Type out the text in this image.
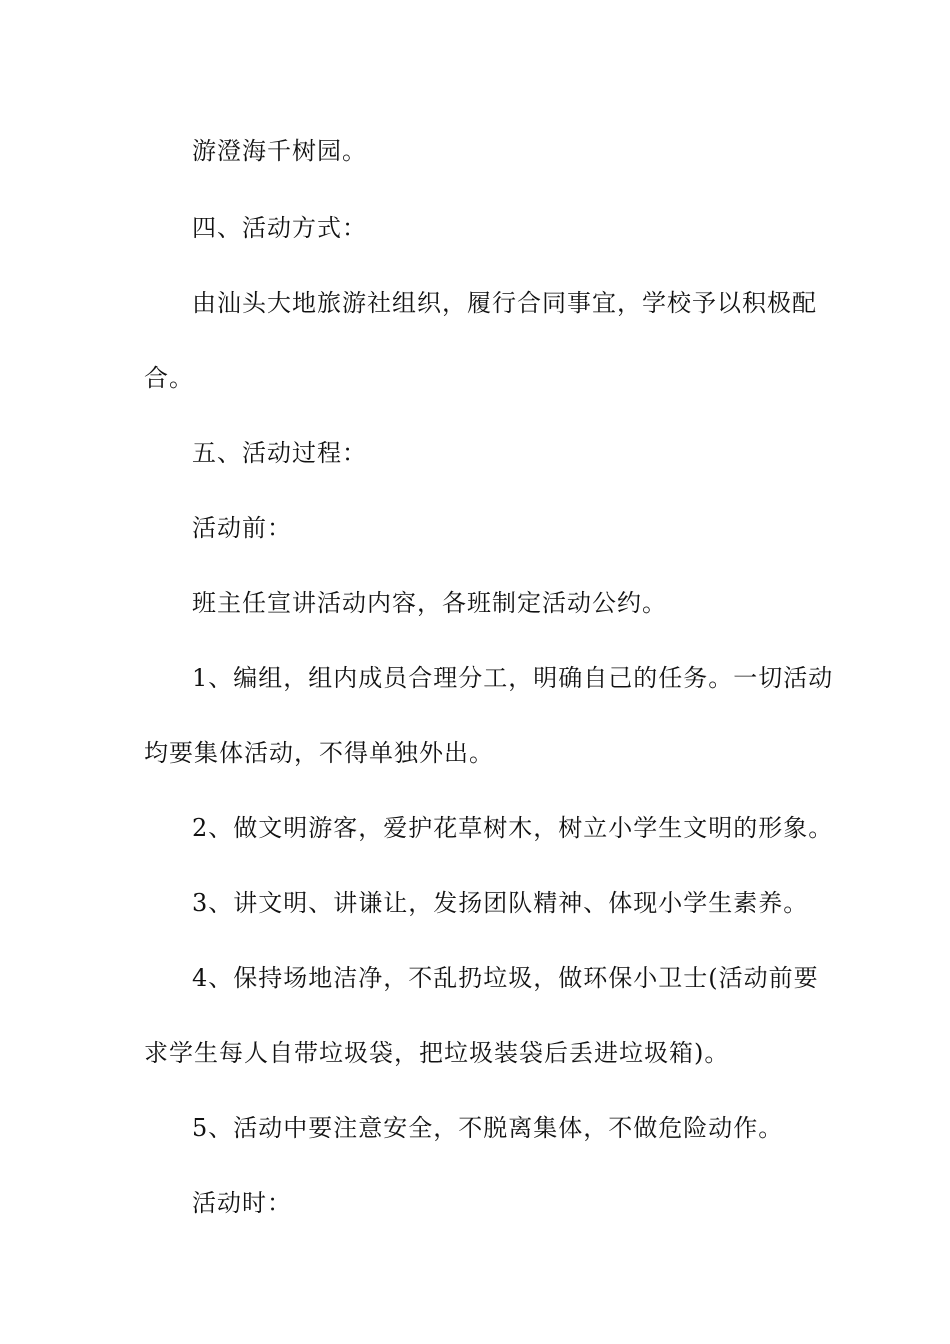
游澄海千树园。
四、活动方式：
由汕头大地旅游社组织，履行合同事宜，学校予以积极配
合。
五、活动过程：
活动前：
班主任宣讲活动内容，各班制定活动公约。
1、编组，组内成员合理分工，明确自己的任务。一切活动
均要集体活动，不得单独外出。
2、做文明游客，爱护花草树木，树立小学生文明的形象。
3、讲文明、讲谦让，发扬团队精神、体现小学生素养。
4、保持场地洁净，不乱扔垃圾，做环保小卫士(活动前要
求学生每人自带垃圾袋，把垃圾装袋后丢进垃圾箱)。
5、活动中要注意安全，不脱离集体，不做危险动作。
活动时：
